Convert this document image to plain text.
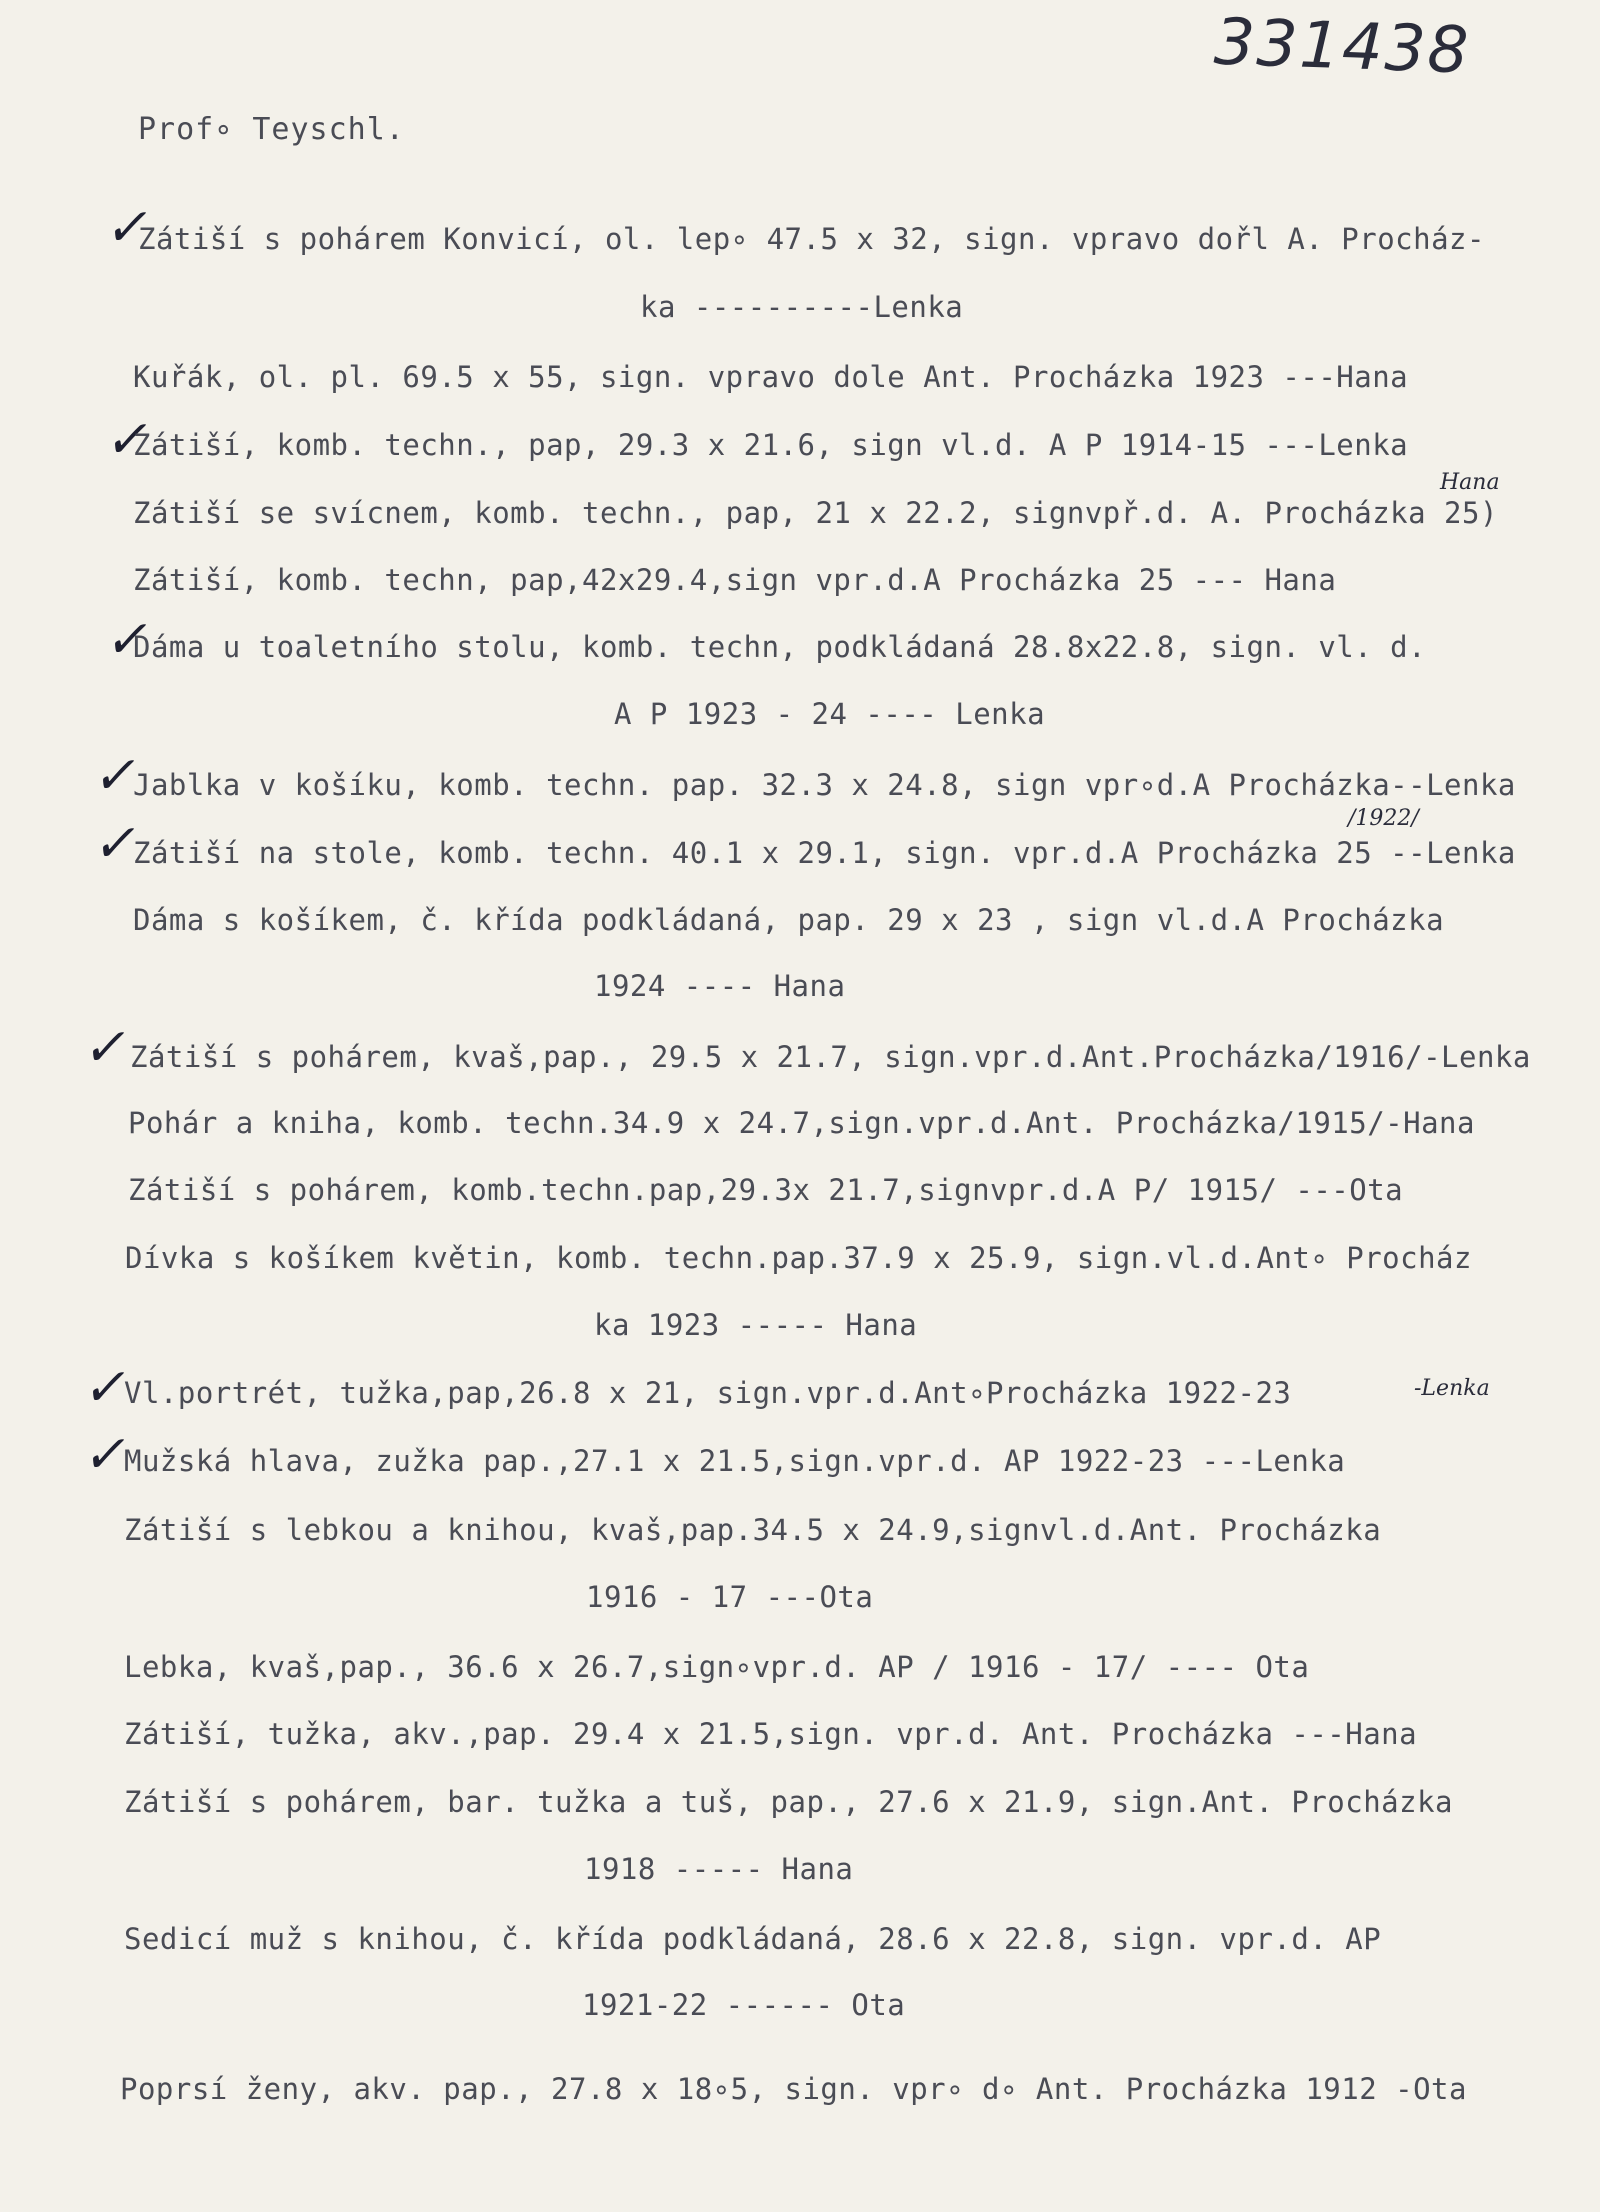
331438
Prof∘ Teyschl.
✓
✓
✓
✓
✓
✓
✓
✓
Zátiší s pohárem Konvicí, ol. lep∘ 47.5 x 32, sign. vpravo dořl A. Procház-
ka ----------Lenka
Kuřák, ol. pl. 69.5 x 55, sign. vpravo dole Ant. Procházka 1923 ---Hana
Zátiší, komb. techn., pap, 29.3 x 21.6, sign vl.d. A P 1914-15 ---Lenka
Zátiší se svícnem, komb. techn., pap, 21 x 22.2, signvpř.d. A. Procházka 25)
Zátiší, komb. techn, pap,42x29.4,sign vpr.d.A Procházka 25 --- Hana
Dáma u toaletního stolu, komb. techn, podkládaná 28.8x22.8, sign. vl. d.
A P 1923 - 24 ---- Lenka
Jablka v košíku, komb. techn. pap. 32.3 x 24.8, sign vpr∘d.A Procházka--Lenka
Zátiší na stole, komb. techn. 40.1 x 29.1, sign. vpr.d.A Procházka 25 --Lenka
Dáma s košíkem, č. křída podkládaná, pap. 29 x 23 , sign vl.d.A Procházka
1924 ---- Hana
Zátiší s pohárem, kvaš,pap., 29.5 x 21.7, sign.vpr.d.Ant.Procházka/1916/-Lenka
Pohár a kniha, komb. techn.34.9 x 24.7,sign.vpr.d.Ant. Procházka/1915/-Hana
Zátiší s pohárem, komb.techn.pap,29.3x 21.7,signvpr.d.A P/ 1915/ ---Ota
Dívka s košíkem květin, komb. techn.pap.37.9 x 25.9, sign.vl.d.Ant∘ Procház
ka 1923 ----- Hana
Vl.portrét, tužka,pap,26.8 x 21, sign.vpr.d.Ant∘Procházka 1922-23
Mužská hlava, zužka pap.,27.1 x 21.5,sign.vpr.d. AP 1922-23 ---Lenka
Zátiší s lebkou a knihou, kvaš,pap.34.5 x 24.9,signvl.d.Ant. Procházka
1916 - 17 ---Ota
Lebka, kvaš,pap., 36.6 x 26.7,sign∘vpr.d. AP / 1916 - 17/ ---- Ota
Zátiší, tužka, akv.,pap. 29.4 x 21.5,sign. vpr.d. Ant. Procházka ---Hana
Zátiší s pohárem, bar. tužka a tuš, pap., 27.6 x 21.9, sign.Ant. Procházka
1918 ----- Hana
Sedicí muž s knihou, č. křída podkládaná, 28.6 x 22.8, sign. vpr.d. AP
1921-22 ------ Ota
Poprsí ženy, akv. pap., 27.8 x 18∘5, sign. vpr∘ d∘ Ant. Procházka 1912 -Ota
Hana
/1922/
-Lenka
